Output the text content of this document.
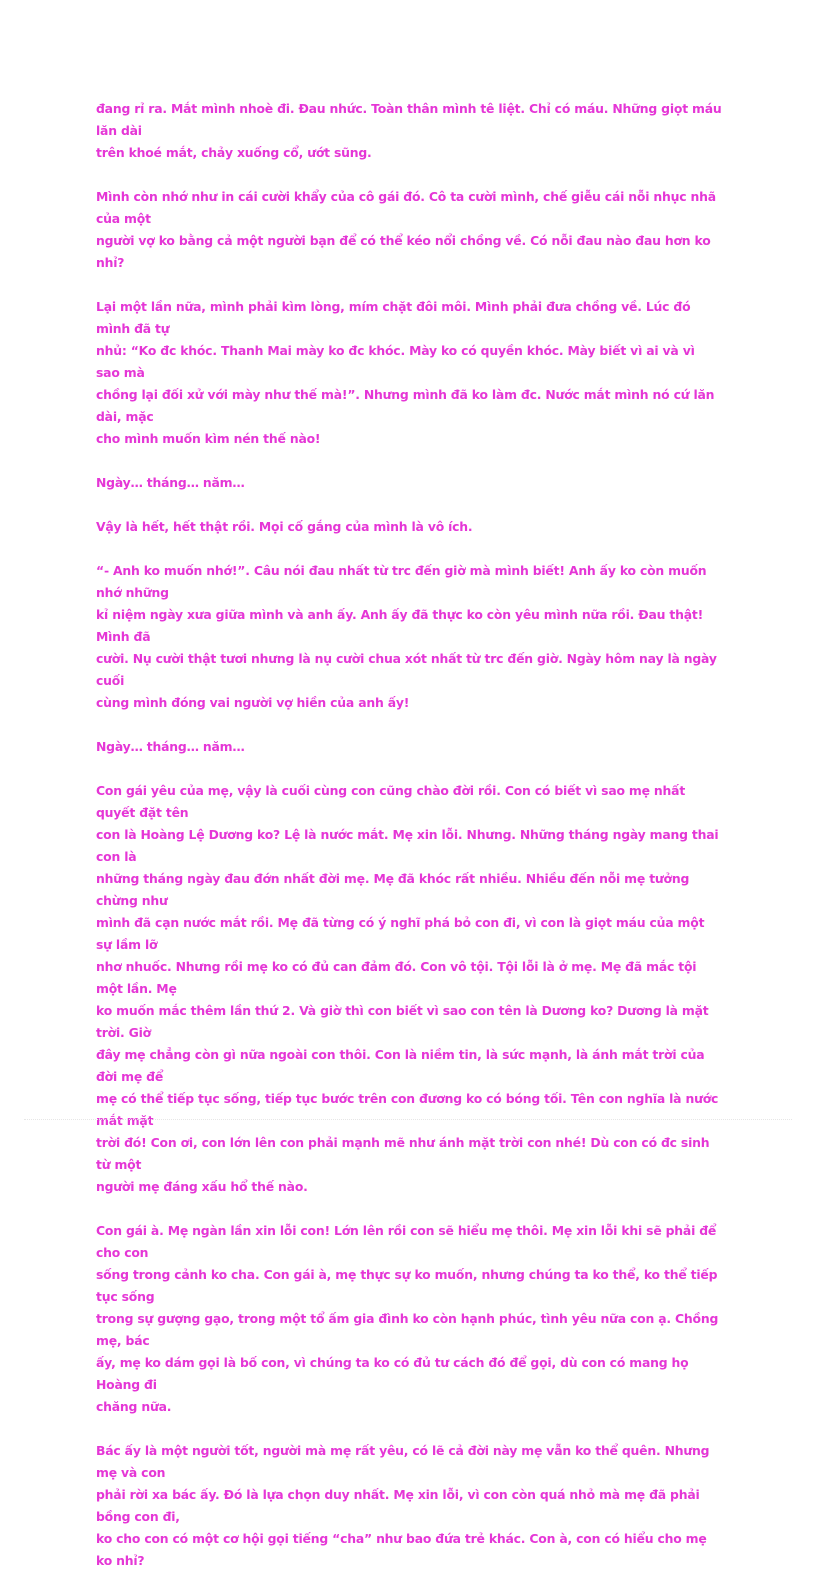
đang rỉ ra. Mắt mình nhoè đi. Đau nhức. Toàn thân mình tê liệt. Chỉ có máu. Những giọt máu lăn dài
trên khoé mắt, chảy xuống cổ, ướt sũng.

Mình còn nhớ như in cái cười khẩy của cô gái đó. Cô ta cười mình, chế giễu cái nỗi nhục nhã của một
người vợ ko bằng cả một người bạn để có thể kéo nổi chồng về. Có nỗi đau nào đau hơn ko nhỉ?

Lại một lần nữa, mình phải kìm lòng, mím chặt đôi môi. Mình phải đưa chồng về. Lúc đó mình đã tự
nhủ: “Ko đc khóc. Thanh Mai mày ko đc khóc. Mày ko có quyền khóc. Mày biết vì ai và vì sao mà
chồng lại đối xử với mày như thế mà!”. Nhưng mình đã ko làm đc. Nước mắt mình nó cứ lăn dài, mặc
cho mình muốn kìm nén thế nào!

Ngày… tháng… năm…

Vậy là hết, hết thật rồi. Mọi cố gắng của mình là vô ích.

“- Anh ko muốn nhớ!”. Câu nói đau nhất từ trc đến giờ mà mình biết! Anh ấy ko còn muốn nhớ những
kỉ niệm ngày xưa giữa mình và anh ấy. Anh ấy đã thực ko còn yêu mình nữa rồi. Đau thật! Mình đã
cười. Nụ cười thật tươi nhưng là nụ cười chua xót nhất từ trc đến giờ. Ngày hôm nay là ngày cuối
cùng mình đóng vai người vợ hiền của anh ấy!

Ngày… tháng… năm…

Con gái yêu của mẹ, vậy là cuối cùng con cũng chào đời rồi. Con có biết vì sao mẹ nhất quyết đặt tên
con là Hoàng Lệ Dương ko? Lệ là nước mắt. Mẹ xin lỗi. Nhưng. Những tháng ngày mang thai con là
những tháng ngày đau đớn nhất đời mẹ. Mẹ đã khóc rất nhiều. Nhiều đến nỗi mẹ tưởng chừng như
mình đã cạn nước mắt rồi. Mẹ đã từng có ý nghĩ phá bỏ con đi, vì con là giọt máu của một sự lầm lỡ
nhơ nhuốc. Nhưng rồi mẹ ko có đủ can đảm đó. Con vô tội. Tội lỗi là ở mẹ. Mẹ đã mắc tội một lần. Mẹ
ko muốn mắc thêm lần thứ 2. Và giờ thì con biết vì sao con tên là Dương ko? Dương là mặt trời. Giờ
đây mẹ chẳng còn gì nữa ngoài con thôi. Con là niềm tin, là sức mạnh, là ánh mắt trời của đời mẹ để
mẹ có thể tiếp tục sống, tiếp tục bước trên con đương ko có bóng tối. Tên con nghĩa là nước mắt mặt
trời đó! Con ơi, con lớn lên con phải mạnh mẽ như ánh mặt trời con nhé! Dù con có đc sinh từ một
người mẹ đáng xấu hổ thế nào.

Con gái à. Mẹ ngàn lần xin lỗi con! Lớn lên rồi con sẽ hiểu mẹ thôi. Mẹ xin lỗi khi sẽ phải để cho con
sống trong cảnh ko cha. Con gái à, mẹ thực sự ko muốn, nhưng chúng ta ko thể, ko thể tiếp tục sống
trong sự gượng gạo, trong một tổ ấm gia đình ko còn hạnh phúc, tình yêu nữa con ạ. Chồng mẹ, bác
ấy, mẹ ko dám gọi là bố con, vì chúng ta ko có đủ tư cách đó để gọi, dù con có mang họ Hoàng đi
chăng nữa.

Bác ấy là một người tốt, người mà mẹ rất yêu, có lẽ cả đời này mẹ vẫn ko thể quên. Nhưng mẹ và con
phải rời xa bác ấy. Đó là lựa chọn duy nhất. Mẹ xin lỗi, vì con còn quá nhỏ mà mẹ đã phải bồng con đi,
ko cho con có một cơ hội gọi tiếng “cha” như bao đứa trẻ khác. Con à, con có hiểu cho mẹ ko nhỉ?
